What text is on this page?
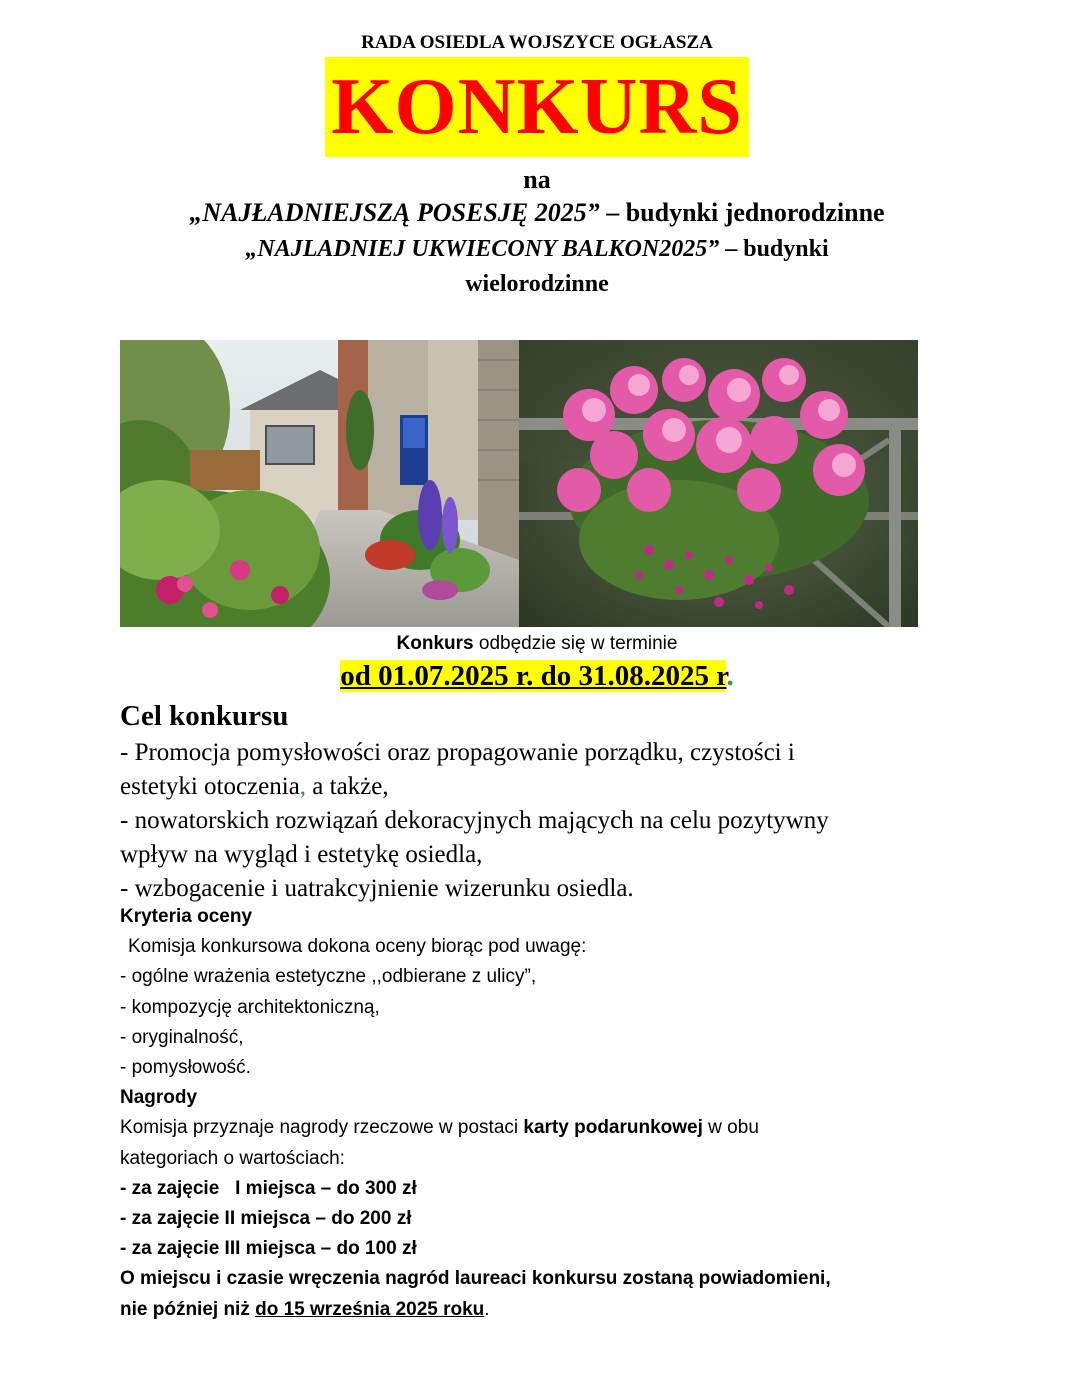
RADA OSIEDLA WOJSZYCE OGŁASZA
KONKURS
na
„NAJŁADNIEJSZĄ POSESJĘ 2025” – budynki jednorodzinne
„NAJLADNIEJ UKWIECONY BALKON2025” – budynki
wielorodzinne
Konkurs odbędzie się w terminie
od 01.07.2025 r. do 31.08.2025 r.
Cel konkursu

- Promocja pomysłowości oraz propagowanie porządku, czystości i

estetyki otoczenia, a także,

- nowatorskich rozwiązań dekoracyjnych mających na celu pozytywny

wpływ na wygląd i estetykę osiedla,

- wzbogacenie i uatrakcyjnienie wizerunku osiedla.

Kryteria oceny

Komisja konkursowa dokona oceny biorąc pod uwagę:

- ogólne wrażenia estetyczne ,,odbierane z ulicy”,

- kompozycję architektoniczną,

- oryginalność,

- pomysłowość.

Nagrody

Komisja przyznaje nagrody rzeczowe w postaci karty podarunkowej w obu

kategoriach o wartościach:

- za zajęcie   I miejsca – do 300 zł

- za zajęcie II miejsca – do 200 zł

- za zajęcie III miejsca – do 100 zł

O miejscu i czasie wręczenia nagród laureaci konkursu zostaną powiadomieni,

nie później niż do 15 września 2025 roku.
